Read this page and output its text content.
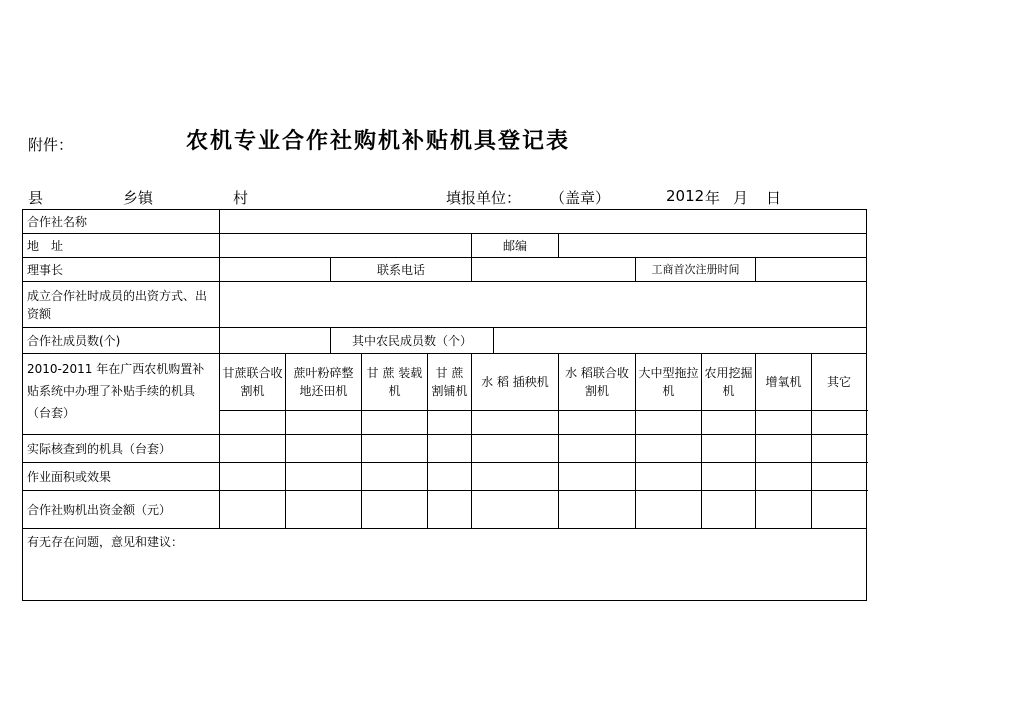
附件：	农机专业合作社购机补贴机具登记表
县	乡镇	村	填报单位： （盖章）	2012 年 月 日
合作社名称												
地　址						邮编						
理事长			联系电话						工商首次注册时间			
成立合作社时成员的出资方式、出资额												
合作社成员数(个)			其中农民成员数（个）									
2010-2011 年在广西农机购置补贴系统中办理了补贴手续的机具（台套）	甘蔗联合收割机	蔗叶粉碎整地还田机		甘 蔗 装载机	甘 蔗 割铺机	水 稻 插秧机		水 稻联合收割机	大中型拖拉机	农用挖掘机	增氧机	其它

实际核查到的机具（台套）												
作业面积或效果												
合作社购机出资金额（元）												
有无存在问题，意见和建议：												
